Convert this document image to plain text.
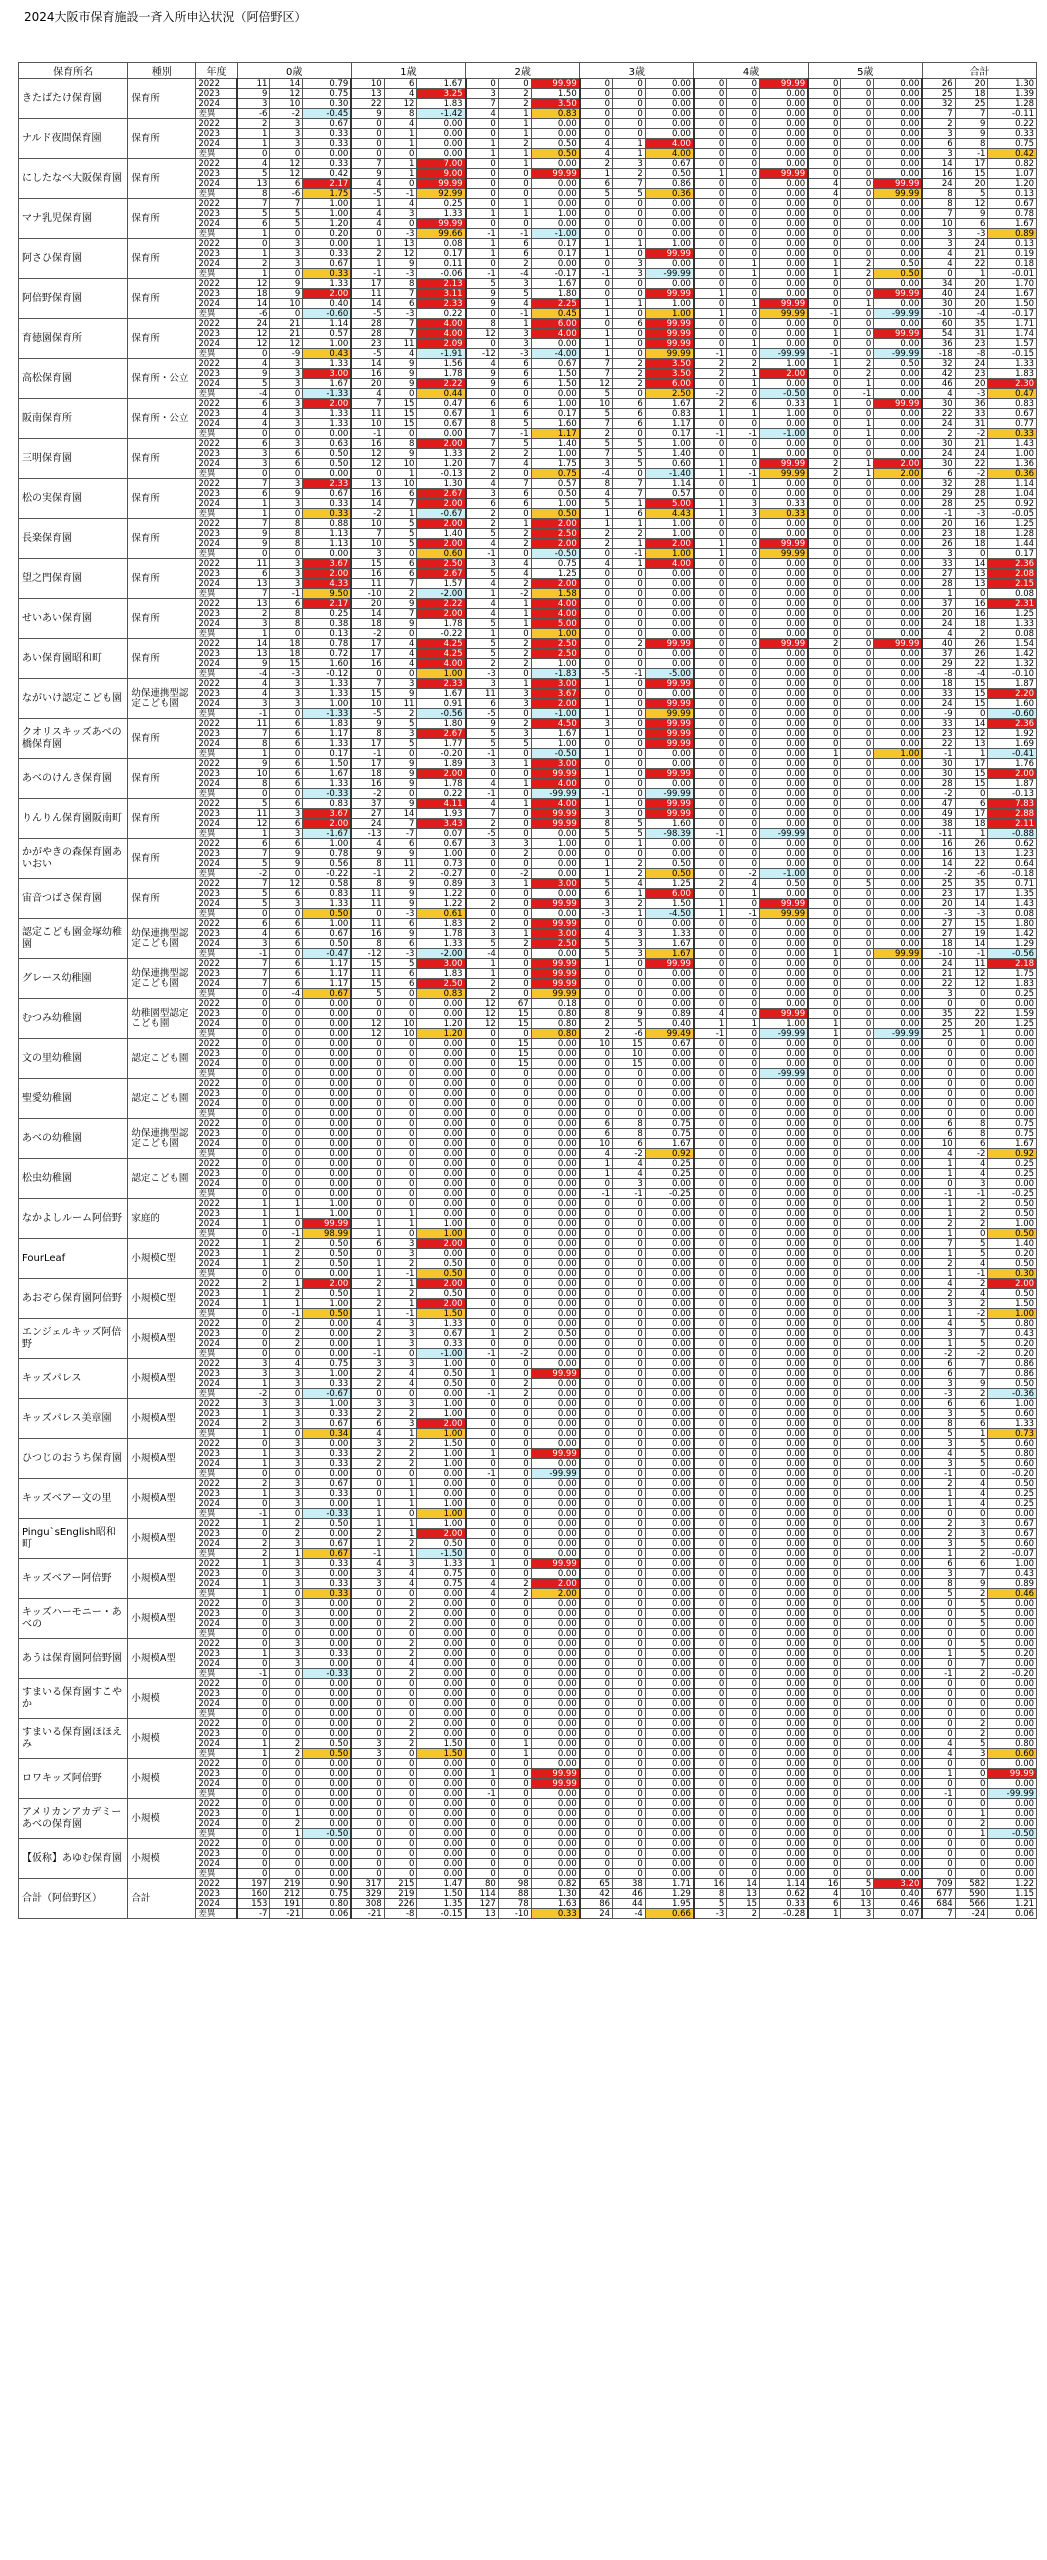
2024大阪市保育施設一斉入所申込状況（阿倍野区）
保育所名	種別	年度	0歳			1歳			2歳			3歳			4歳			5歳			合計		
きたばたけ保育園	保育所	2022	11	14	0.79	10	6	1.67	0	0	99.99	0	0	0.00	0	0	99.99	0	0	0.00	26	20	1.30
		2023	9	12	0.75	13	4	3.25	3	2	1.50	0	0	0.00	0	0	0.00	0	0	0.00	25	18	1.39
		2024	3	10	0.30	22	12	1.83	7	2	3.50	0	0	0.00	0	0	0.00	0	0	0.00	32	25	1.28
		差異	-6	-2	-0.45	9	8	-1.42	4	1	0.83	0	0	0.00	0	0	0.00	0	0	0.00	7	7	-0.11
ナルド夜間保育園	保育所	2022	2	3	0.67	0	4	0.00	0	1	0.00	0	0	0.00	0	0	0.00	0	0	0.00	2	9	0.22
		2023	1	3	0.33	0	1	0.00	0	1	0.00	0	0	0.00	0	0	0.00	0	0	0.00	3	9	0.33
		2024	1	3	0.33	0	1	0.00	1	2	0.50	4	1	4.00	0	0	0.00	0	0	0.00	6	8	0.75
		差異	0	0	0.00	0	0	0.00	1	1	0.50	4	1	4.00	0	0	0.00	0	0	0.00	3	-1	0.42
にしたなべ大阪保育園	保育所	2022	4	12	0.33	7	1	7.00	0	1	0.00	2	3	0.67	0	0	0.00	0	0	0.00	14	17	0.82
		2023	5	12	0.42	9	1	9.00	0	0	99.99	1	2	0.50	1	0	99.99	0	0	0.00	16	15	1.07
		2024	13	6	2.17	4	0	99.99	0	0	0.00	6	7	0.86	0	0	0.00	4	0	99.99	24	20	1.20
		差異	8	-6	1.75	-5	-1	92.99	0	0	0.00	5	5	0.36	0	0	0.00	4	0	99.99	8	5	0.13
マナ乳児保育園	保育所	2022	7	7	1.00	1	4	0.25	0	1	0.00	0	0	0.00	0	0	0.00	0	0	0.00	8	12	0.67
		2023	5	5	1.00	4	3	1.33	1	1	1.00	0	0	0.00	0	0	0.00	0	0	0.00	7	9	0.78
		2024	6	5	1.20	4	0	99.99	0	0	0.00	0	0	0.00	0	0	0.00	0	0	0.00	10	6	1.67
		差異	1	0	0.20	0	-3	99.66	-1	-1	-1.00	0	0	0.00	0	0	0.00	0	0	0.00	3	-3	0.89
阿さひ保育園	保育所	2022	0	3	0.00	1	13	0.08	1	6	0.17	1	1	1.00	0	0	0.00	0	0	0.00	3	24	0.13
		2023	1	3	0.33	2	12	0.17	1	6	0.17	1	0	99.99	0	0	0.00	0	0	0.00	4	21	0.19
		2024	2	3	0.67	1	9	0.11	0	2	0.00	0	3	0.00	0	1	0.00	1	2	0.50	4	22	0.18
		差異	1	0	0.33	-1	-3	-0.06	-1	-4	-0.17	-1	3	-99.99	0	1	0.00	1	2	0.50	0	1	-0.01
阿倍野保育園	保育所	2022	12	9	1.33	17	8	2.13	5	3	1.67	0	0	0.00	0	0	0.00	0	0	0.00	34	20	1.70
		2023	18	9	2.00	11	7	3.11	9	5	1.80	0	0	99.99	1	0	0.00	0	0	99.99	40	24	1.67
		2024	14	10	0.40	14	6	2.33	9	4	2.25	1	1	1.00	0	1	99.99	0	1	0.00	30	20	1.50
		差異	-6	0	-0.60	-5	-3	0.22	0	-1	0.45	1	0	1.00	1	0	99.99	-1	0	-99.99	-10	-4	-0.17
育徳園保育所	保育所	2022	24	21	1.14	28	7	4.00	8	1	6.00	0	6	99.99	0	0	0.00	0	0	0.00	60	35	1.71
		2023	12	21	0.57	28	7	4.00	12	3	4.00	1	0	99.99	0	0	0.00	1	0	99.99	54	31	1.74
		2024	12	12	1.00	23	11	2.09	0	3	0.00	1	0	99.99	0	1	0.00	0	0	0.00	36	23	1.57
		差異	0	-9	0.43	-5	4	-1.91	-12	-3	-4.00	1	0	99.99	-1	0	-99.99	-1	0	-99.99	-18	-8	-0.15
高松保育園	保育所・公立	2022	4	3	1.33	14	9	1.56	4	6	0.67	7	2	3.50	2	2	1.00	1	2	0.50	32	24	1.33
		2023	9	3	3.00	16	9	1.78	9	6	1.50	7	2	3.50	2	1	2.00	0	2	0.00	42	23	1.83
		2024	5	3	1.67	20	9	2.22	9	6	1.50	12	2	6.00	0	1	0.00	0	1	0.00	46	20	2.30
		差異	-4	0	-1.33	4	0	0.44	0	0	0.00	5	0	2.50	-2	0	-0.50	0	-1	0.00	4	-3	0.47
阪南保育所	保育所・公立	2022	6	3	2.00	7	15	0.47	6	6	1.00	10	6	1.67	2	6	0.33	1	0	99.99	30	36	0.83
		2023	4	3	1.33	11	15	0.67	1	6	0.17	5	6	0.83	1	1	1.00	0	0	0.00	22	33	0.67
		2024	4	3	1.33	10	15	0.67	8	5	1.60	7	6	1.17	0	0	0.00	0	1	0.00	24	31	0.77
		差異	0	0	0.00	-1	0	0.00	7	-1	1.17	2	0	0.17	-1	-1	-1.00	0	1	0.00	2	-2	0.33
三明保育園	保育所	2022	6	3	0.63	16	8	2.00	7	5	1.40	5	5	1.00	0	0	0.00	0	0	0.00	30	21	1.43
		2023	3	6	0.50	12	9	1.33	2	2	1.00	7	5	1.40	0	1	0.00	0	0	0.00	24	24	1.00
		2024	3	6	0.50	12	10	1.20	7	4	1.75	3	5	0.60	1	0	99.99	2	1	2.00	30	22	1.36
		差異	0	0	0.00	0	1	-0.13	2	0	0.75	-4	0	-1.40	1	-1	99.99	2	1	2.00	6	-2	0.36
松の実保育園	保育所	2022	7	3	2.33	13	10	1.30	4	7	0.57	8	7	1.14	0	1	0.00	0	0	0.00	32	28	1.14
		2023	6	9	0.67	16	6	2.67	3	6	0.50	4	7	0.57	0	0	0.00	0	0	0.00	29	28	1.04
		2024	1	3	0.33	14	7	2.00	6	6	1.00	5	1	5.00	1	3	0.33	0	0	0.00	28	25	0.92
		差異	1	0	0.33	-2	1	-0.67	2	0	0.50	1	6	4.43	1	3	0.33	0	0	0.00	-1	-3	-0.05
長楽保育園	保育所	2022	7	8	0.88	10	5	2.00	2	1	2.00	1	1	1.00	0	0	0.00	0	0	0.00	20	16	1.25
		2023	9	8	1.13	7	5	1.40	5	2	2.50	2	2	1.00	0	0	0.00	0	0	0.00	23	18	1.28
		2024	9	8	1.13	10	5	2.00	4	2	2.00	2	1	2.00	1	0	99.99	0	0	0.00	26	18	1.44
		差異	0	0	0.00	3	0	0.60	-1	0	-0.50	0	-1	1.00	1	0	99.99	0	0	0.00	3	0	0.17
望之門保育園	保育所	2022	11	3	3.67	15	6	2.50	3	4	0.75	4	1	4.00	0	0	0.00	0	0	0.00	33	14	2.36
		2023	6	3	2.00	16	6	2.67	5	4	1.25	0	0	0.00	0	0	0.00	0	0	0.00	27	13	2.08
		2024	13	3	4.33	11	7	1.57	4	2	2.00	0	0	0.00	0	0	0.00	0	0	0.00	28	13	2.15
		差異	7	-1	9.50	-10	2	-2.00	1	-2	1.58	0	0	0.00	0	0	0.00	0	0	0.00	1	0	0.08
せいあい保育園	保育所	2022	13	6	2.17	20	9	2.22	4	1	4.00	0	0	0.00	0	0	0.00	0	0	0.00	37	16	2.31
		2023	2	8	0.25	14	7	2.00	4	1	4.00	0	0	0.00	0	0	0.00	0	0	0.00	20	16	1.25
		2024	3	8	0.38	18	9	1.78	5	1	5.00	0	0	0.00	0	0	0.00	0	0	0.00	24	18	1.33
		差異	1	0	0.13	-2	0	-0.22	1	0	1.00	0	0	0.00	0	0	0.00	0	0	0.00	4	2	0.08
あい保育園昭和町	保育所	2022	14	18	0.78	17	4	4.25	5	2	2.50	0	2	99.99	0	0	99.99	2	0	99.99	40	26	1.54
		2023	13	18	0.72	17	4	4.25	5	2	2.50	0	0	0.00	0	0	0.00	0	0	0.00	37	26	1.42
		2024	9	15	1.60	16	4	4.00	2	2	1.00	0	0	0.00	0	0	0.00	0	0	0.00	29	22	1.32
		差異	-4	-3	-0.12	0	0	1.00	-3	0	-1.83	-5	-1	-5.00	0	0	0.00	0	0	0.00	-8	-4	-0.10
ながいけ認定こども園	幼保連携型認定こども園	2022	4	3	1.33	7	3	2.33	3	1	3.00	1	0	99.99	0	0	0.00	0	0	0.00	18	15	1.87
		2023	4	3	1.33	15	9	1.67	11	3	3.67	0	0	0.00	0	0	0.00	0	0	0.00	33	15	2.20
		2024	3	3	1.00	10	11	0.91	6	3	2.00	1	0	99.99	0	0	0.00	0	0	0.00	24	15	1.60
		差異	-1	0	-1.33	-5	2	-0.56	-5	0	-1.00	1	0	99.99	0	0	0.00	0	0	0.00	-9	0	-0.60
クオリスキッズあべの橋保育園	保育所	2022	11	6	1.83	9	5	1.80	9	2	4.50	3	0	99.99	0	0	0.00	0	0	0.00	33	14	2.36
		2023	7	6	1.17	8	3	2.67	5	3	1.67	1	0	99.99	0	0	0.00	0	0	0.00	23	12	1.92
		2024	8	6	1.33	17	5	1.77	5	5	1.00	0	0	99.99	0	0	0.00	0	0	0.00	22	13	1.69
		差異	1	0	0.17	-1	0	-0.20	-1	0	-0.50	1	0	0.00	0	0	0.00	1	0	1.00	-1	1	-0.41
あべのけんき保育園	保育所	2022	9	6	1.50	17	9	1.89	3	1	3.00	0	0	0.00	0	0	0.00	0	0	0.00	30	17	1.76
		2023	10	6	1.67	18	9	2.00	0	0	99.99	1	0	99.99	0	0	0.00	0	0	0.00	30	15	2.00
		2024	8	6	1.33	16	9	1.78	4	1	4.00	0	0	0.00	0	0	0.00	0	0	0.00	28	15	1.87
		差異	0	0	-0.33	-2	0	0.22	-1	0	-99.99	-1	0	-99.99	0	0	0.00	0	0	0.00	-2	0	-0.13
りんりん保育園阪南町	保育所	2022	5	6	0.83	37	9	4.11	4	1	4.00	1	0	99.99	0	0	0.00	0	0	0.00	47	6	7.83
		2023	11	3	3.67	27	14	1.93	7	0	99.99	3	0	99.99	0	0	0.00	0	0	0.00	49	17	2.88
		2024	12	6	2.00	24	7	3.43	2	0	99.99	8	5	1.60	0	0	0.00	0	0	0.00	38	18	2.11
		差異	1	3	-1.67	-13	-7	0.07	-5	0	0.00	5	5	-98.39	-1	0	-99.99	0	0	0.00	-11	1	-0.88
かがやきの森保育園あいおい	保育所	2022	6	6	1.00	4	6	0.67	3	3	1.00	0	1	0.00	0	0	0.00	0	0	0.00	16	26	0.62
		2023	7	9	0.78	9	9	1.00	0	2	0.00	0	0	0.00	0	0	0.00	0	0	0.00	16	13	1.23
		2024	5	9	0.56	8	11	0.73	0	0	0.00	1	2	0.50	0	0	0.00	0	0	0.00	14	22	0.64
		差異	-2	0	-0.22	-1	2	-0.27	0	-2	0.00	1	2	0.50	0	-2	-1.00	0	0	0.00	-2	-6	-0.18
宙音つばさ保育園	保育所	2022	7	12	0.58	8	9	0.89	3	1	3.00	5	4	1.25	2	4	0.50	0	5	0.00	25	35	0.71
		2023	5	6	0.83	11	9	1.22	0	0	0.00	6	1	6.00	0	1	0.00	0	0	0.00	23	17	1.35
		2024	5	3	1.33	11	9	1.22	2	0	99.99	3	2	1.50	1	0	99.99	0	0	0.00	20	14	1.43
		差異	0	0	0.50	0	-3	0.61	0	0	0.00	-3	1	-4.50	1	-1	99.99	0	0	0.00	-3	-3	0.08
認定こども園金塚幼稚園	幼保連携型認定こども園	2022	6	6	1.00	11	6	1.83	2	0	99.99	0	0	0.00	0	0	0.00	0	0	0.00	27	15	1.80
		2023	4	6	0.67	16	9	1.78	3	1	3.00	4	3	1.33	0	0	0.00	0	0	0.00	27	19	1.42
		2024	3	6	0.50	8	6	1.33	5	2	2.50	5	3	1.67	0	0	0.00	0	0	0.00	18	14	1.29
		差異	-1	0	-0.47	-12	-3	-2.00	-4	0	0.00	5	3	1.67	0	0	0.00	1	0	99.99	-10	-1	-0.56
グレース幼稚園	幼保連携型認定こども園	2022	7	6	1.17	15	5	3.00	1	0	99.99	1	0	99.99	0	0	0.00	0	0	0.00	24	11	2.18
		2023	7	6	1.17	11	6	1.83	1	0	99.99	0	0	0.00	0	0	0.00	0	0	0.00	21	12	1.75
		2024	7	6	1.17	15	6	2.50	2	0	99.99	0	0	0.00	0	0	0.00	0	0	0.00	22	12	1.83
		差異	0	-4	0.67	5	0	0.83	2	0	99.99	0	0	0.00	0	0	0.00	0	0	0.00	3	0	0.25
むつみ幼稚園	幼稚園型認定こども園	2022	0	0	0.00	0	0	0.00	12	67	0.18	0	0	0.00	0	0	0.00	0	0	0.00	0	0	0.00
		2023	0	0	0.00	0	0	0.00	12	15	0.80	8	9	0.89	4	0	99.99	0	0	0.00	35	22	1.59
		2024	0	0	0.00	12	10	1.20	12	15	0.80	2	5	0.40	1	1	1.00	1	0	0.00	25	20	1.25
		差異	0	0	0.00	12	10	1.20	0	0	0.80	2	-6	99.49	-1	0	-99.99	1	0	-99.99	25	1	0.00
文の里幼稚園	認定こども園	2022	0	0	0.00	0	0	0.00	0	15	0.00	10	15	0.67	0	0	0.00	0	0	0.00	0	0	0.00
		2023	0	0	0.00	0	0	0.00	0	15	0.00	0	10	0.00	0	0	0.00	0	0	0.00	0	0	0.00
		2024	0	0	0.00	0	0	0.00	0	15	0.00	0	15	0.00	0	0	0.00	0	0	0.00	0	0	0.00
		差異	0	0	0.00	0	0	0.00	0	0	0.00	0	0	0.00	0	0	-99.99	0	0	0.00	0	0	0.00
聖愛幼稚園	認定こども園	2022	0	0	0.00	0	0	0.00	0	0	0.00	0	0	0.00	0	0	0.00	0	0	0.00	0	0	0.00
		2023	0	0	0.00	0	0	0.00	0	0	0.00	0	0	0.00	0	0	0.00	0	0	0.00	0	0	0.00
		2024	0	0	0.00	0	0	0.00	0	0	0.00	0	0	0.00	0	0	0.00	0	0	0.00	0	0	0.00
		差異	0	0	0.00	0	0	0.00	0	0	0.00	0	0	0.00	0	0	0.00	0	0	0.00	0	0	0.00
あべの幼稚園	幼保連携型認定こども園	2022	0	0	0.00	0	0	0.00	0	0	0.00	6	8	0.75	0	0	0.00	0	0	0.00	6	8	0.75
		2023	0	0	0.00	0	0	0.00	0	0	0.00	6	8	0.75	0	0	0.00	0	0	0.00	6	8	0.75
		2024	0	0	0.00	0	0	0.00	0	0	0.00	10	6	1.67	0	0	0.00	0	0	0.00	10	6	1.67
		差異	0	0	0.00	0	0	0.00	0	0	0.00	4	-2	0.92	0	0	0.00	0	0	0.00	4	-2	0.92
松虫幼稚園	認定こども園	2022	0	0	0.00	0	0	0.00	0	0	0.00	1	4	0.25	0	0	0.00	0	0	0.00	1	4	0.25
		2023	0	0	0.00	0	0	0.00	0	0	0.00	1	4	0.25	0	0	0.00	0	0	0.00	1	4	0.25
		2024	0	0	0.00	0	0	0.00	0	0	0.00	0	3	0.00	0	0	0.00	0	0	0.00	0	3	0.00
		差異	0	0	0.00	0	0	0.00	0	0	0.00	-1	-1	-0.25	0	0	0.00	0	0	0.00	-1	-1	-0.25
なかよしルーム阿倍野	家庭的	2022	1	1	1.00	0	0	0.00	0	0	0.00	0	0	0.00	0	0	0.00	0	0	0.00	1	2	0.50
		2023	1	1	1.00	0	1	0.00	0	0	0.00	0	0	0.00	0	0	0.00	0	0	0.00	1	2	0.50
		2024	1	0	99.99	1	1	1.00	0	0	0.00	0	0	0.00	0	0	0.00	0	0	0.00	2	2	1.00
		差異	0	-1	98.99	1	0	1.00	0	0	0.00	0	0	0.00	0	0	0.00	0	0	0.00	1	0	0.50
FourLeaf	小規模C型	2022	1	2	0.50	6	3	2.00	0	0	0.00	0	0	0.00	0	0	0.00	0	0	0.00	7	5	1.40
		2023	1	2	0.50	0	3	0.00	0	0	0.00	0	0	0.00	0	0	0.00	0	0	0.00	1	5	0.20
		2024	1	2	0.50	1	2	0.50	0	0	0.00	0	0	0.00	0	0	0.00	0	0	0.00	2	4	0.50
		差異	0	0	0.00	1	-1	0.50	0	0	0.00	0	0	0.00	0	0	0.00	0	0	0.00	1	-1	0.30
あおぞら保育園阿倍野	小規模C型	2022	2	1	2.00	2	1	2.00	0	0	0.00	0	0	0.00	0	0	0.00	0	0	0.00	4	2	2.00
		2023	1	2	0.50	1	2	0.50	0	0	0.00	0	0	0.00	0	0	0.00	0	0	0.00	2	4	0.50
		2024	1	1	1.00	2	1	2.00	0	0	0.00	0	0	0.00	0	0	0.00	0	0	0.00	3	2	1.50
		差異	0	-1	0.50	1	-1	1.50	0	0	0.00	0	0	0.00	0	0	0.00	0	0	0.00	1	-2	1.00
エンジェルキッズ阿倍野	小規模A型	2022	0	2	0.00	4	3	1.33	0	0	0.00	0	0	0.00	0	0	0.00	0	0	0.00	4	5	0.80
		2023	0	2	0.00	2	3	0.67	1	2	0.50	0	0	0.00	0	0	0.00	0	0	0.00	3	7	0.43
		2024	0	2	0.00	1	3	0.33	0	0	0.00	0	0	0.00	0	0	0.00	0	0	0.00	1	5	0.20
		差異	0	0	0.00	-1	0	-1.00	-1	-2	0.00	0	0	0.00	0	0	0.00	0	0	0.00	-2	-2	0.20
キッズパレス	小規模A型	2022	3	4	0.75	3	3	1.00	0	0	0.00	0	0	0.00	0	0	0.00	0	0	0.00	6	7	0.86
		2023	3	3	1.00	2	4	0.50	1	0	99.99	0	0	0.00	0	0	0.00	0	0	0.00	6	7	0.86
		2024	1	3	0.33	2	4	0.50	0	2	0.00	0	0	0.00	0	0	0.00	0	0	0.00	3	9	0.50
		差異	-2	0	-0.67	0	0	0.00	-1	2	0.00	0	0	0.00	0	0	0.00	0	0	0.00	-3	2	-0.36
キッズパレス美章園	小規模A型	2022	3	3	1.00	3	3	1.00	0	0	0.00	0	0	0.00	0	0	0.00	0	0	0.00	6	6	1.00
		2023	1	3	0.33	2	2	1.00	0	0	0.00	0	0	0.00	0	0	0.00	0	0	0.00	3	5	0.60
		2024	2	3	0.67	6	3	2.00	0	0	0.00	0	0	0.00	0	0	0.00	0	0	0.00	8	6	1.33
		差異	1	0	0.34	4	1	1.00	0	0	0.00	0	0	0.00	0	0	0.00	0	0	0.00	5	1	0.73
ひつじのおうち保育園	小規模A型	2022	0	3	0.00	3	2	1.50	0	0	0.00	0	0	0.00	0	0	0.00	0	0	0.00	3	5	0.60
		2023	1	3	0.33	2	2	1.00	1	0	99.99	0	0	0.00	0	0	0.00	0	0	0.00	4	5	0.80
		2024	1	3	0.33	2	2	1.00	0	0	0.00	0	0	0.00	0	0	0.00	0	0	0.00	3	5	0.60
		差異	0	0	0.00	0	0	0.00	-1	0	-99.99	0	0	0.00	0	0	0.00	0	0	0.00	-1	0	-0.20
キッズベアー文の里	小規模A型	2022	2	3	0.67	0	1	0.00	0	0	0.00	0	0	0.00	0	0	0.00	0	0	0.00	2	4	0.50
		2023	1	3	0.33	0	1	0.00	0	0	0.00	0	0	0.00	0	0	0.00	0	0	0.00	1	4	0.25
		2024	0	3	0.00	1	1	1.00	0	0	0.00	0	0	0.00	0	0	0.00	0	0	0.00	1	4	0.25
		差異	-1	0	-0.33	1	0	1.00	0	0	0.00	0	0	0.00	0	0	0.00	0	0	0.00	0	0	0.00
Pingu`sEnglish昭和町	小規模A型	2022	1	2	0.50	1	1	1.00	0	0	0.00	0	0	0.00	0	0	0.00	0	0	0.00	2	3	0.67
		2023	0	2	0.00	2	1	2.00	0	0	0.00	0	0	0.00	0	0	0.00	0	0	0.00	2	3	0.67
		2024	2	3	0.67	1	2	0.50	0	0	0.00	0	0	0.00	0	0	0.00	0	0	0.00	3	5	0.60
		差異	2	1	0.67	-1	1	-1.50	0	0	0.00	0	0	0.00	0	0	0.00	0	0	0.00	1	2	-0.07
キッズベアー阿倍野	小規模A型	2022	1	3	0.33	4	3	1.33	1	0	99.99	0	0	0.00	0	0	0.00	0	0	0.00	6	6	1.00
		2023	0	3	0.00	3	4	0.75	0	0	0.00	0	0	0.00	0	0	0.00	0	0	0.00	3	7	0.43
		2024	1	3	0.33	3	4	0.75	4	2	2.00	0	0	0.00	0	0	0.00	0	0	0.00	8	9	0.89
		差異	1	0	0.33	0	0	0.00	4	2	2.00	0	0	0.00	0	0	0.00	0	0	0.00	5	2	0.46
キッズハーモニー・あべの	小規模A型	2022	0	3	0.00	0	2	0.00	0	0	0.00	0	0	0.00	0	0	0.00	0	0	0.00	0	5	0.00
		2023	0	3	0.00	0	2	0.00	0	0	0.00	0	0	0.00	0	0	0.00	0	0	0.00	0	5	0.00
		2024	0	3	0.00	0	2	0.00	0	0	0.00	0	0	0.00	0	0	0.00	0	0	0.00	0	5	0.00
		差異	0	0	0.00	0	0	0.00	0	0	0.00	0	0	0.00	0	0	0.00	0	0	0.00	0	0	0.00
あうは保育園阿倍野園	小規模A型	2022	0	3	0.00	0	2	0.00	0	0	0.00	0	0	0.00	0	0	0.00	0	0	0.00	0	5	0.00
		2023	1	3	0.33	0	2	0.00	0	0	0.00	0	0	0.00	0	0	0.00	0	0	0.00	1	5	0.20
		2024	0	3	0.00	0	4	0.00	0	0	0.00	0	0	0.00	0	0	0.00	0	0	0.00	0	7	0.00
		差異	-1	0	-0.33	0	2	0.00	0	0	0.00	0	0	0.00	0	0	0.00	0	0	0.00	-1	2	-0.20
すまいる保育園すこやか	小規模	2022	0	0	0.00	0	0	0.00	0	0	0.00	0	0	0.00	0	0	0.00	0	0	0.00	0	0	0.00
		2023	0	0	0.00	0	0	0.00	0	0	0.00	0	0	0.00	0	0	0.00	0	0	0.00	0	0	0.00
		2024	0	0	0.00	0	0	0.00	0	0	0.00	0	0	0.00	0	0	0.00	0	0	0.00	0	0	0.00
		差異	0	0	0.00	0	0	0.00	0	0	0.00	0	0	0.00	0	0	0.00	0	0	0.00	0	0	0.00
すまいる保育園ほほえみ	小規模	2022	0	0	0.00	0	2	0.00	0	0	0.00	0	0	0.00	0	0	0.00	0	0	0.00	0	2	0.00
		2023	0	0	0.00	0	2	0.00	0	0	0.00	0	0	0.00	0	0	0.00	0	0	0.00	0	2	0.00
		2024	1	2	0.50	3	2	1.50	0	1	0.00	0	0	0.00	0	0	0.00	0	0	0.00	4	5	0.80
		差異	1	2	0.50	3	0	1.50	0	1	0.00	0	0	0.00	0	0	0.00	0	0	0.00	4	3	0.60
ロワキッズ阿倍野	小規模	2022	0	0	0.00	0	0	0.00	0	0	0.00	0	0	0.00	0	0	0.00	0	0	0.00	0	0	0.00
		2023	0	0	0.00	0	0	0.00	1	0	99.99	0	0	0.00	0	0	0.00	0	0	0.00	1	0	99.99
		2024	0	0	0.00	0	0	0.00	0	0	99.99	0	0	0.00	0	0	0.00	0	0	0.00	0	0	0.00
		差異	0	0	0.00	0	0	0.00	-1	0	0.00	0	0	0.00	0	0	0.00	0	0	0.00	-1	0	-99.99
アメリカンアカデミーあべの保育園	小規模	2022	0	0	0.00	0	0	0.00	0	0	0.00	0	0	0.00	0	0	0.00	0	0	0.00	0	0	0.00
		2023	0	1	0.00	0	0	0.00	0	0	0.00	0	0	0.00	0	0	0.00	0	0	0.00	0	1	0.00
		2024	0	2	0.00	0	0	0.00	0	0	0.00	0	0	0.00	0	0	0.00	0	0	0.00	0	2	0.00
		差異	0	1	-0.50	0	0	0.00	0	0	0.00	0	0	0.00	0	0	0.00	0	0	0.00	0	1	-0.50
【仮称】あゆむ保育園	小規模	2022	0	0	0.00	0	0	0.00	0	0	0.00	0	0	0.00	0	0	0.00	0	0	0.00	0	0	0.00
		2023	0	0	0.00	0	0	0.00	0	0	0.00	0	0	0.00	0	0	0.00	0	0	0.00	0	0	0.00
		2024	0	0	0.00	0	0	0.00	0	0	0.00	0	0	0.00	0	0	0.00	0	0	0.00	0	0	0.00
		差異	0	0	0.00	0	0	0.00	0	0	0.00	0	0	0.00	0	0	0.00	0	0	0.00	0	0	0.00
合計（阿倍野区）	合計	2022	197	219	0.90	317	215	1.47	80	98	0.82	65	38	1.71	16	14	1.14	16	5	3.20	709	582	1.22
		2023	160	212	0.75	329	219	1.50	114	88	1.30	42	46	1.29	8	13	0.62	4	10	0.40	677	590	1.15
		2024	153	191	0.80	308	226	1.35	127	78	1.63	86	44	1.95	5	15	0.33	6	13	0.46	684	566	1.21
		差異	-7	-21	0.06	-21	-8	-0.15	13	-10	0.33	24	-4	0.66	-3	2	-0.28	1	3	0.07	7	-24	0.06
